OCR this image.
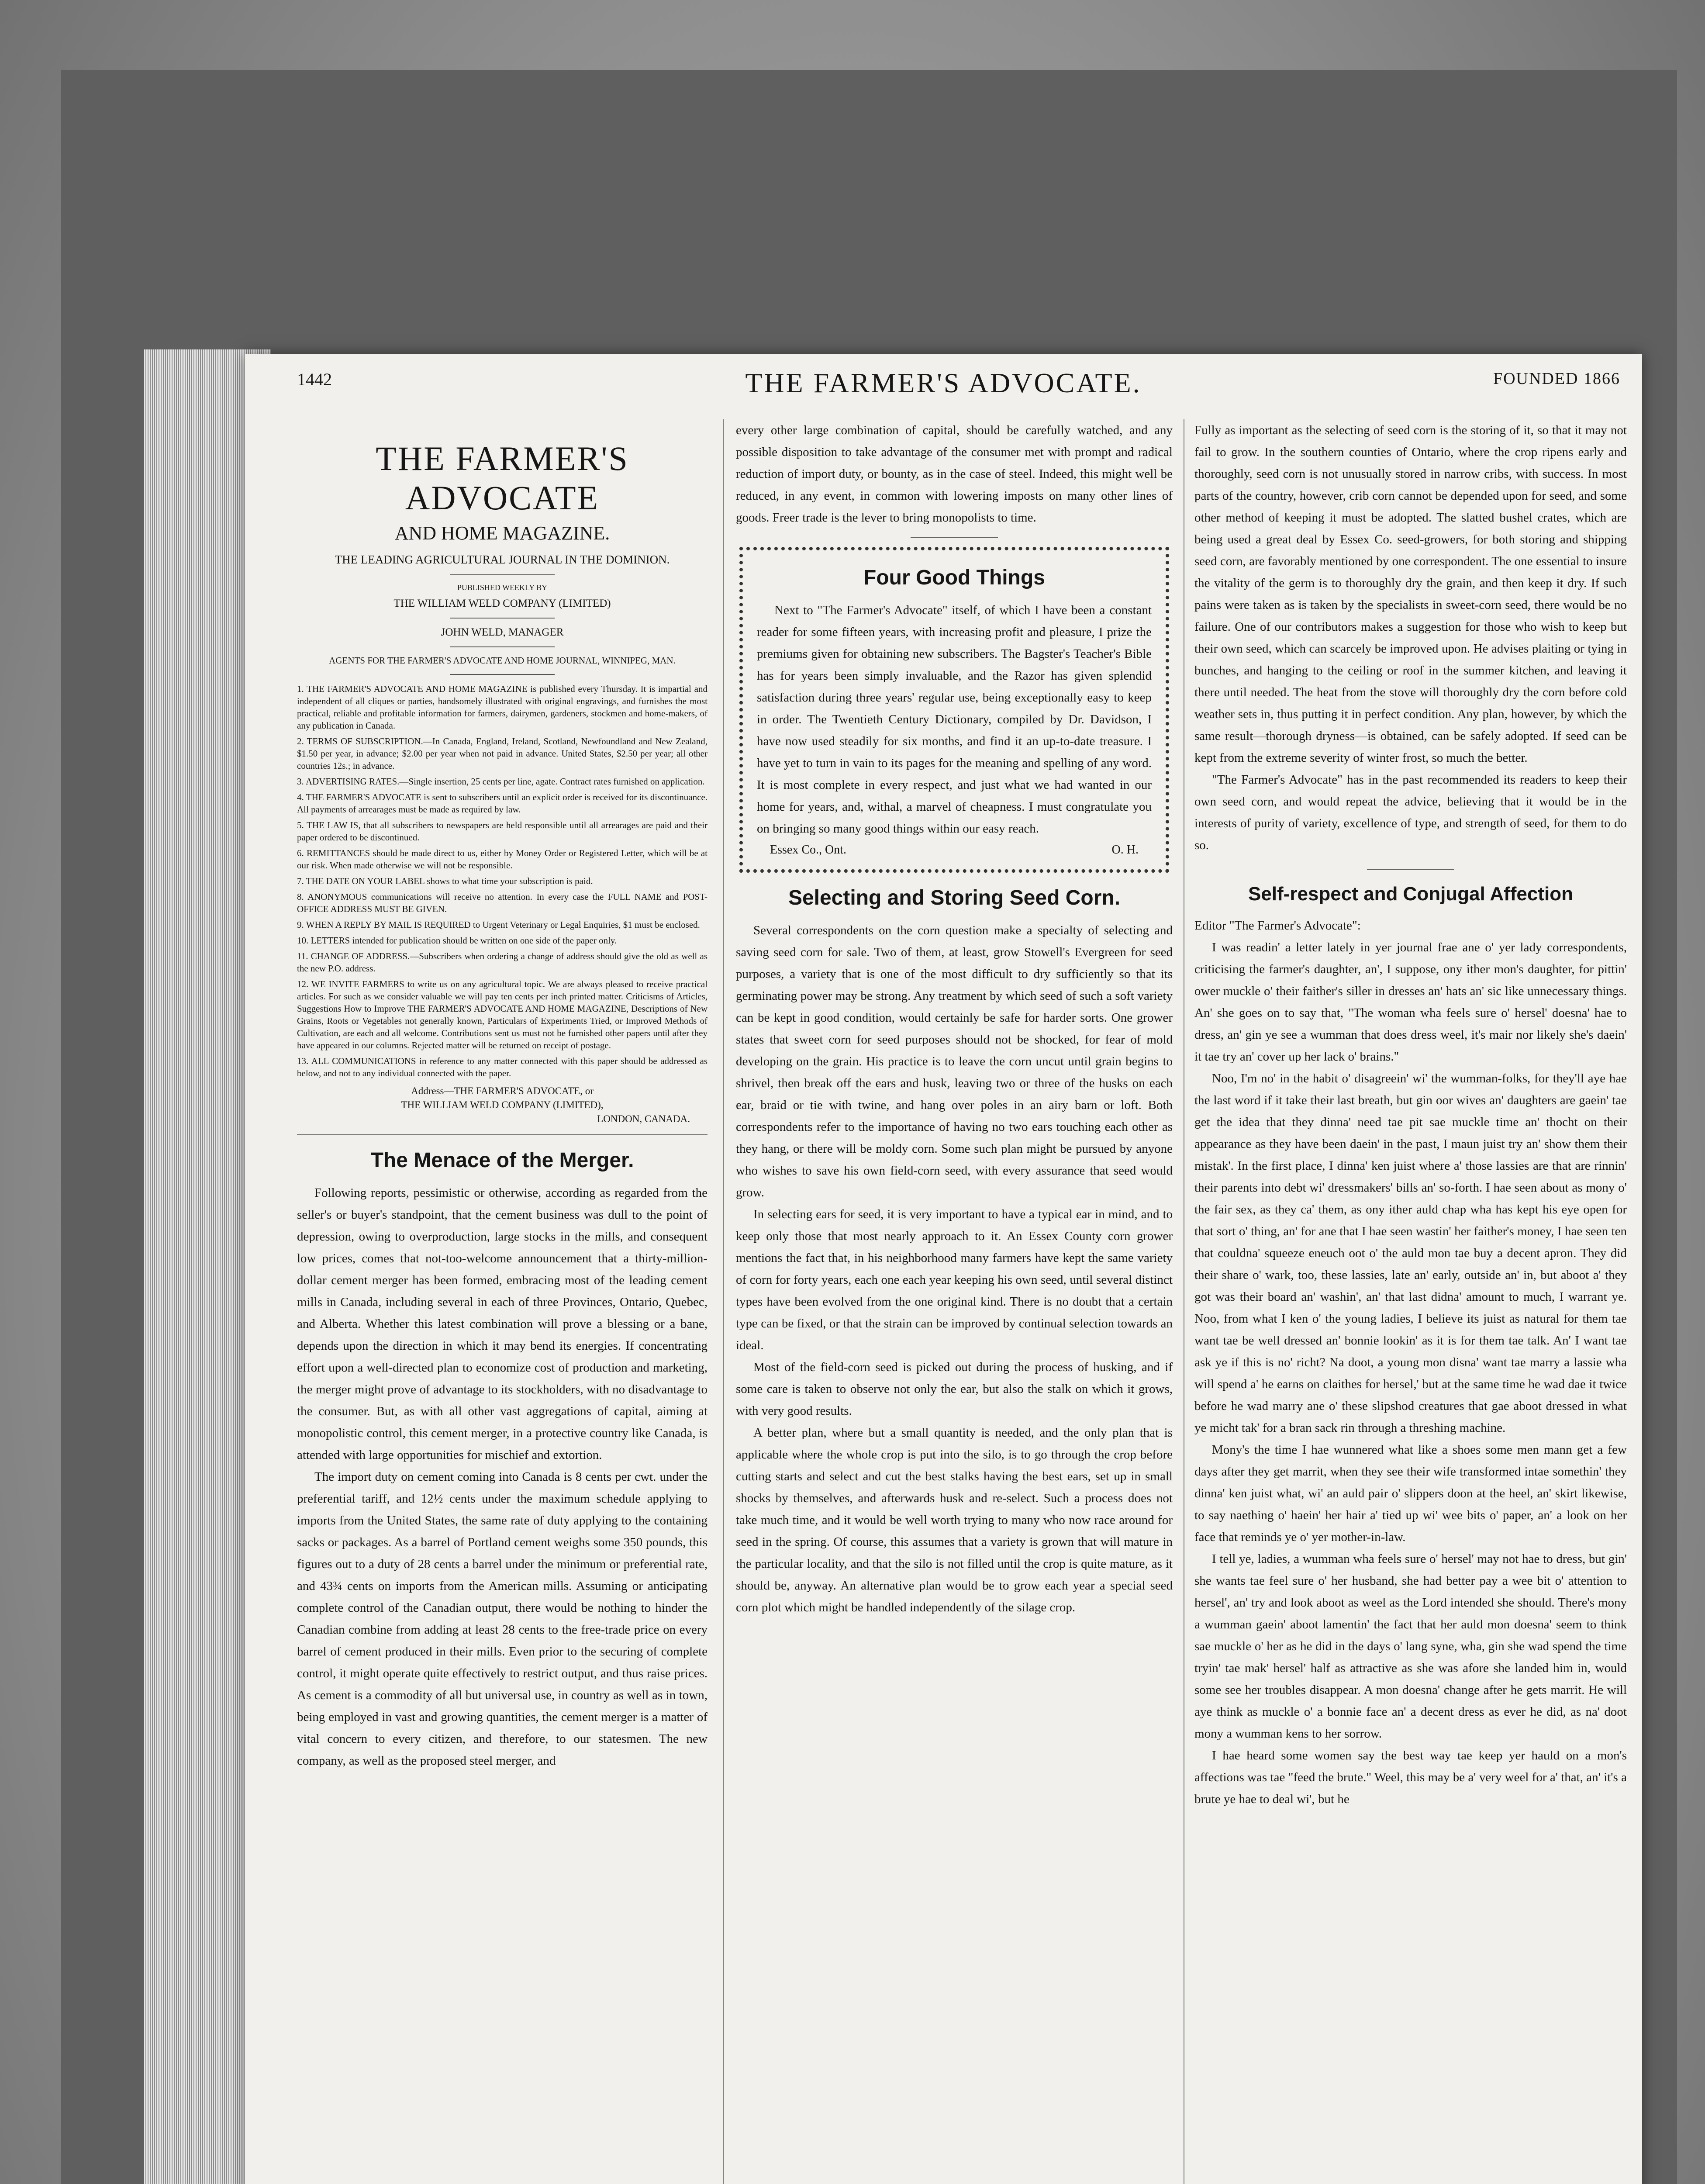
1442	THE FARMER'S ADVOCATE.	FOUNDED 1866
THE FARMER'S ADVOCATE
AND HOME MAGAZINE.
THE LEADING AGRICULTURAL JOURNAL IN THE DOMINION.
PUBLISHED WEEKLY BY
THE WILLIAM WELD COMPANY (LIMITED)
JOHN WELD, MANAGER
AGENTS FOR THE FARMER'S ADVOCATE AND HOME JOURNAL, WINNIPEG, MAN.

1. THE FARMER'S ADVOCATE AND HOME MAGAZINE is published every Thursday. It is impartial and independent of all cliques or parties, handsomely illustrated with original engravings, and furnishes the most practical, reliable and profitable information for farmers, dairymen, gardeners, stockmen and home-makers, of any publication in Canada.

2. TERMS OF SUBSCRIPTION.—In Canada, England, Ireland, Scotland, Newfoundland and New Zealand, $1.50 per year, in advance; $2.00 per year when not paid in advance. United States, $2.50 per year; all other countries 12s.; in advance.

3. ADVERTISING RATES.—Single insertion, 25 cents per line, agate. Contract rates furnished on application.

4. THE FARMER'S ADVOCATE is sent to subscribers until an explicit order is received for its discontinuance. All payments of arrearages must be made as required by law.

5. THE LAW IS, that all subscribers to newspapers are held responsible until all arrearages are paid and their paper ordered to be discontinued.

6. REMITTANCES should be made direct to us, either by Money Order or Registered Letter, which will be at our risk. When made otherwise we will not be responsible.

7. THE DATE ON YOUR LABEL shows to what time your subscription is paid.

8. ANONYMOUS communications will receive no attention. In every case the FULL NAME and POST-OFFICE ADDRESS MUST BE GIVEN.

9. WHEN A REPLY BY MAIL IS REQUIRED to Urgent Veterinary or Legal Enquiries, $1 must be enclosed.

10. LETTERS intended for publication should be written on one side of the paper only.

11. CHANGE OF ADDRESS.—Subscribers when ordering a change of address should give the old as well as the new P.O. address.

12. WE INVITE FARMERS to write us on any agricultural topic. We are always pleased to receive practical articles. For such as we consider valuable we will pay ten cents per inch printed matter. Criticisms of Articles, Suggestions How to Improve THE FARMER'S ADVOCATE AND HOME MAGAZINE, Descriptions of New Grains, Roots or Vegetables not generally known, Particulars of Experiments Tried, or Improved Methods of Cultivation, are each and all welcome. Contributions sent us must not be furnished other papers until after they have appeared in our columns. Rejected matter will be returned on receipt of postage.

13. ALL COMMUNICATIONS in reference to any matter connected with this paper should be addressed as below, and not to any individual connected with the paper.

Address—THE FARMER'S ADVOCATE, or

THE WILLIAM WELD COMPANY (LIMITED),

LONDON, CANADA.

The Menace of the Merger.

Following reports, pessimistic or otherwise, according as regarded from the seller's or buyer's standpoint, that the cement business was dull to the point of depression, owing to overproduction, large stocks in the mills, and consequent low prices, comes that not-too-welcome announcement that a thirty-million-dollar cement merger has been formed, embracing most of the leading cement mills in Canada, including several in each of three Provinces, Ontario, Quebec, and Alberta. Whether this latest combination will prove a blessing or a bane, depends upon the direction in which it may bend its energies. If concentrating effort upon a well-directed plan to economize cost of production and marketing, the merger might prove of advantage to its stockholders, with no disadvantage to the consumer. But, as with all other vast aggregations of capital, aiming at monopolistic control, this cement merger, in a protective country like Canada, is attended with large opportunities for mischief and extortion.

The import duty on cement coming into Canada is 8 cents per cwt. under the preferential tariff, and 12½ cents under the maximum schedule applying to imports from the United States, the same rate of duty applying to the containing sacks or packages. As a barrel of Portland cement weighs some 350 pounds, this figures out to a duty of 28 cents a barrel under the minimum or preferential rate, and 43¾ cents on imports from the American mills. Assuming or anticipating complete control of the Canadian output, there would be nothing to hinder the Canadian combine from adding at least 28 cents to the free-trade price on every barrel of cement produced in their mills. Even prior to the securing of complete control, it might operate quite effectively to restrict output, and thus raise prices. As cement is a commodity of all but universal use, in country as well as in town, being employed in vast and growing quantities, the cement merger is a matter of vital concern to every citizen, and therefore, to our statesmen. The new company, as well as the proposed steel merger, and

every other large combination of capital, should be carefully watched, and any possible disposition to take advantage of the consumer met with prompt and radical reduction of import duty, or bounty, as in the case of steel. Indeed, this might well be reduced, in any event, in common with lowering imposts on many other lines of goods. Freer trade is the lever to bring monopolists to time.

Four Good Things

Next to "The Farmer's Advocate" itself, of which I have been a constant reader for some fifteen years, with increasing profit and pleasure, I prize the premiums given for obtaining new subscribers. The Bagster's Teacher's Bible has for years been simply invaluable, and the Razor has given splendid satisfaction during three years' regular use, being exceptionally easy to keep in order. The Twentieth Century Dictionary, compiled by Dr. Davidson, I have now used steadily for six months, and find it an up-to-date treasure. I have yet to turn in vain to its pages for the meaning and spelling of any word. It is most complete in every respect, and just what we had wanted in our home for years, and, withal, a marvel of cheapness. I must congratulate you on bringing so many good things within our easy reach.

Essex Co., Ont.	O. H.
Selecting and Storing Seed Corn.

Several correspondents on the corn question make a specialty of selecting and saving seed corn for sale. Two of them, at least, grow Stowell's Evergreen for seed purposes, a variety that is one of the most difficult to dry sufficiently so that its germinating power may be strong. Any treatment by which seed of such a soft variety can be kept in good condition, would certainly be safe for harder sorts. One grower states that sweet corn for seed purposes should not be shocked, for fear of mold developing on the grain. His practice is to leave the corn uncut until grain begins to shrivel, then break off the ears and husk, leaving two or three of the husks on each ear, braid or tie with twine, and hang over poles in an airy barn or loft. Both correspondents refer to the importance of having no two ears touching each other as they hang, or there will be moldy corn. Some such plan might be pursued by anyone who wishes to save his own field-corn seed, with every assurance that seed would grow.

In selecting ears for seed, it is very important to have a typical ear in mind, and to keep only those that most nearly approach to it. An Essex County corn grower mentions the fact that, in his neighborhood many farmers have kept the same variety of corn for forty years, each one each year keeping his own seed, until several distinct types have been evolved from the one original kind. There is no doubt that a certain type can be fixed, or that the strain can be improved by continual selection towards an ideal.

Most of the field-corn seed is picked out during the process of husking, and if some care is taken to observe not only the ear, but also the stalk on which it grows, with very good results.

A better plan, where but a small quantity is needed, and the only plan that is applicable where the whole crop is put into the silo, is to go through the crop before cutting starts and select and cut the best stalks having the best ears, set up in small shocks by themselves, and afterwards husk and re-select. Such a process does not take much time, and it would be well worth trying to many who now race around for seed in the spring. Of course, this assumes that a variety is grown that will mature in the particular locality, and that the silo is not filled until the crop is quite mature, as it should be, anyway. An alternative plan would be to grow each year a special seed corn plot which might be handled independently of the silage crop.

Fully as important as the selecting of seed corn is the storing of it, so that it may not fail to grow. In the southern counties of Ontario, where the crop ripens early and thoroughly, seed corn is not unusually stored in narrow cribs, with success. In most parts of the country, however, crib corn cannot be depended upon for seed, and some other method of keeping it must be adopted. The slatted bushel crates, which are being used a great deal by Essex Co. seed-growers, for both storing and shipping seed corn, are favorably mentioned by one correspondent. The one essential to insure the vitality of the germ is to thoroughly dry the grain, and then keep it dry. If such pains were taken as is taken by the specialists in sweet-corn seed, there would be no failure. One of our contributors makes a suggestion for those who wish to keep but their own seed, which can scarcely be improved upon. He advises plaiting or tying in bunches, and hanging to the ceiling or roof in the summer kitchen, and leaving it there until needed. The heat from the stove will thoroughly dry the corn before cold weather sets in, thus putting it in perfect condition. Any plan, however, by which the same result—thorough dryness—is obtained, can be safely adopted. If seed can be kept from the extreme severity of winter frost, so much the better.

"The Farmer's Advocate" has in the past recommended its readers to keep their own seed corn, and would repeat the advice, believing that it would be in the interests of purity of variety, excellence of type, and strength of seed, for them to do so.

Self-respect and Conjugal Affection

Editor "The Farmer's Advocate":

I was readin' a letter lately in yer journal frae ane o' yer lady correspondents, criticising the farmer's daughter, an', I suppose, ony ither mon's daughter, for pittin' ower muckle o' their faither's siller in dresses an' hats an' sic like unnecessary things. An' she goes on to say that, "The woman wha feels sure o' hersel' doesna' hae to dress, an' gin ye see a wumman that does dress weel, it's mair nor likely she's daein' it tae try an' cover up her lack o' brains."

Noo, I'm no' in the habit o' disagreein' wi' the wumman-folks, for they'll aye hae the last word if it take their last breath, but gin oor wives an' daughters are gaein' tae get the idea that they dinna' need tae pit sae muckle time an' thocht on their appearance as they have been daein' in the past, I maun juist try an' show them their mistak'. In the first place, I dinna' ken juist where a' those lassies are that are rinnin' their parents into debt wi' dressmakers' bills an' so-forth. I hae seen about as mony o' the fair sex, as they ca' them, as ony ither auld chap wha has kept his eye open for that sort o' thing, an' for ane that I hae seen wastin' her faither's money, I hae seen ten that couldna' squeeze eneuch oot o' the auld mon tae buy a decent apron. They did their share o' wark, too, these lassies, late an' early, outside an' in, but aboot a' they got was their board an' washin', an' that last didna' amount to much, I warrant ye. Noo, from what I ken o' the young ladies, I believe its juist as natural for them tae want tae be well dressed an' bonnie lookin' as it is for them tae talk. An' I want tae ask ye if this is no' richt? Na doot, a young mon disna' want tae marry a lassie wha will spend a' he earns on claithes for hersel,' but at the same time he wad dae it twice before he wad marry ane o' these slipshod creatures that gae aboot dressed in what ye micht tak' for a bran sack rin through a threshing machine.

Mony's the time I hae wunnered what like a shoes some men mann get a few days after they get marrit, when they see their wife transformed intae somethin' they dinna' ken juist what, wi' an auld pair o' slippers doon at the heel, an' skirt likewise, to say naething o' haein' her hair a' tied up wi' wee bits o' paper, an' a look on her face that reminds ye o' yer mother-in-law.

I tell ye, ladies, a wumman wha feels sure o' hersel' may not hae to dress, but gin' she wants tae feel sure o' her husband, she had better pay a wee bit o' attention to hersel', an' try and look aboot as weel as the Lord intended she should. There's mony a wumman gaein' aboot lamentin' the fact that her auld mon doesna' seem to think sae muckle o' her as he did in the days o' lang syne, wha, gin she wad spend the time tryin' tae mak' hersel' half as attractive as she was afore she landed him in, would some see her troubles disappear. A mon doesna' change after he gets marrit. He will aye think as muckle o' a bonnie face an' a decent dress as ever he did, as na' doot mony a wumman kens to her sorrow.

I hae heard some women say the best way tae keep yer hauld on a mon's affections was tae "feed the brute." Weel, this may be a' very weel for a' that, an' it's a brute ye hae to deal wi', but he
